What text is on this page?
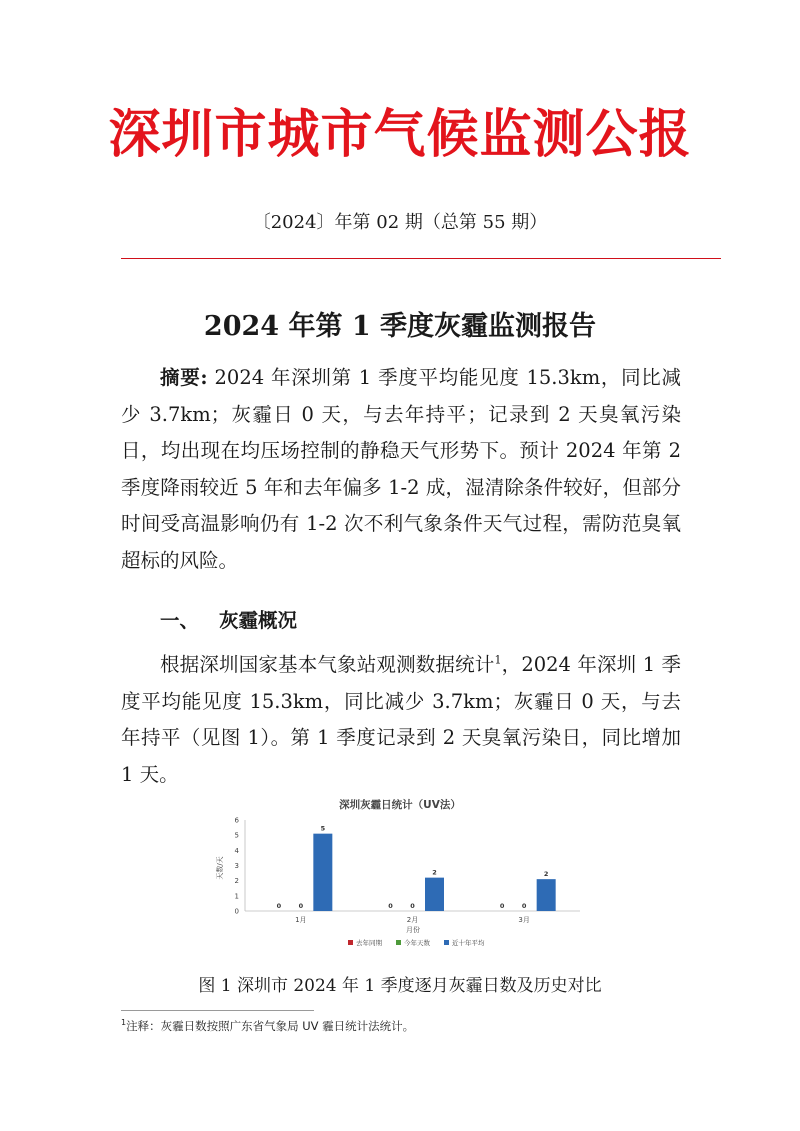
深圳市城市气候监测公报
〔2024〕年第 02 期（总第 55 期）
2024 年第 1 季度灰霾监测报告

摘要: 2024 年深圳第 1 季度平均能见度 15.3km，同比减少 3.7km；灰霾日 0 天，与去年持平；记录到 2 天臭氧污染日，均出现在均压场控制的静稳天气形势下。预计 2024 年第 2 季度降雨较近 5 年和去年偏多 1-2 成，湿清除条件较好，但部分时间受高温影响仍有 1-2 次不利气象条件天气过程，需防范臭氧超标的风险。

一、 灰霾概况

根据深圳国家基本气象站观测数据统计$^1$，2024 年深圳 1 季度平均能见度 15.3km，同比减少 3.7km；灰霾日 0 天，与去年持平（见图 1）。第 1 季度记录到 2 天臭氧污染日，同比增加 1 天。

深圳灰霾日统计（UV法）
天数/天
月份
0
1
2
3
4
5
6
1月
0	0
5
2月
0	0
2
3月
0	0
2
去年同期	今年天数	近十年平均
图 1 深圳市 2024 年 1 季度逐月灰霾日数及历史对比
$^1$注释：灰霾日数按照广东省气象局 UV 霾日统计法统计。
